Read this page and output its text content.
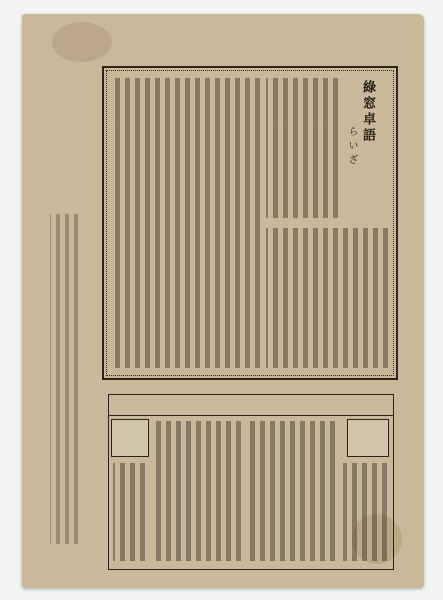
綠窓卓語
らいざ
